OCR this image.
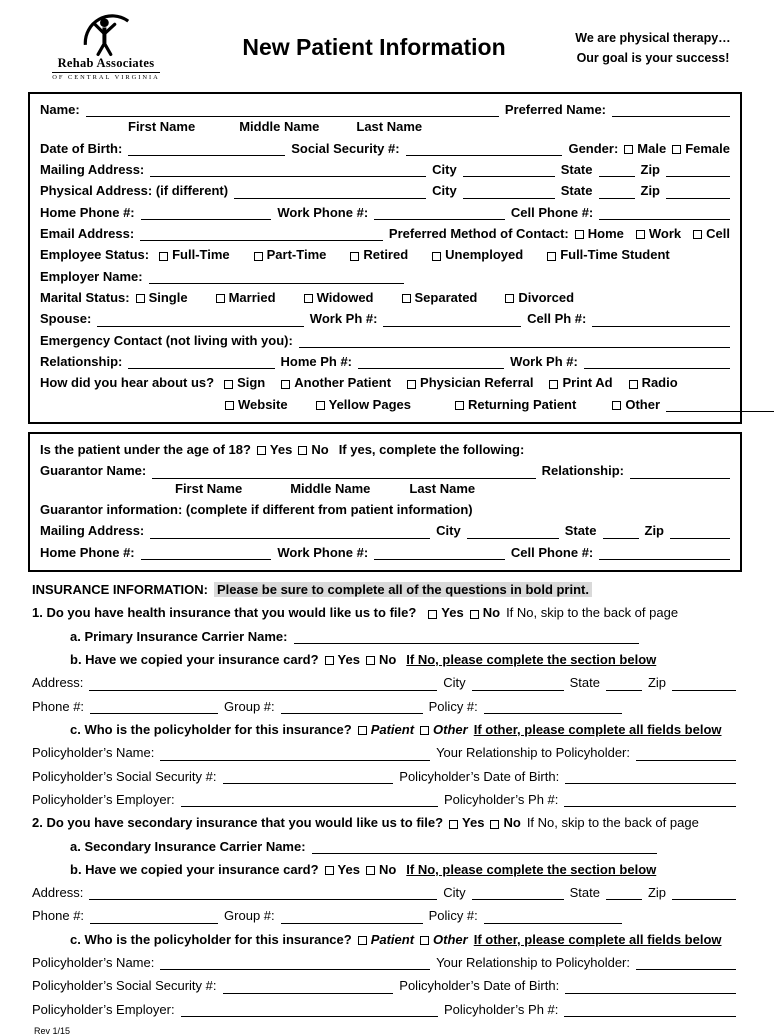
Rehab Associates
OF CENTRAL VIRGINIA
New Patient Information	We are physical therapy…
Our goal is your success!
Name:	Preferred Name:
First Name	Middle Name	Last Name
Date of Birth:	Social Security #:	Gender: Male Female
Mailing Address:	City	State	Zip
Physical Address: (if different)	City	State	Zip
Home Phone #:	Work Phone #:	Cell Phone #:
Email Address:	Preferred Method of Contact: Home Work Cell
Employee Status: Full-Time	Part-Time	Retired	Unemployed	Full-Time Student
Employer Name:
Marital Status: Single	Married	Widowed	Separated	Divorced
Spouse:	Work Ph #:	Cell Ph #:
Emergency Contact (not living with you):
Relationship:	Home Ph #:	Work Ph #:
How did you hear about us? Sign Another Patient Physician Referral Print Ad Radio
Website	Yellow Pages	Returning Patient	Other
Is the patient under the age of 18? Yes No If yes, complete the following:
Guarantor Name:	Relationship:
First Name	Middle Name	Last Name
Guarantor information: (complete if different from patient information)
Mailing Address:	City	State	Zip
Home Phone #:	Work Phone #:	Cell Phone #:
INSURANCE INFORMATION: Please be sure to complete all of the questions in bold print.
1. Do you have health insurance that you would like us to file? Yes No If No, skip to the back of page
a. Primary Insurance Carrier Name:
b. Have we copied your insurance card? Yes No If No, please complete the section below
Address:	City	State	Zip
Phone #:	Group #:	Policy #:
c. Who is the policyholder for this insurance? Patient Other If other, please complete all fields below
Policyholder’s Name:	Your Relationship to Policyholder:
Policyholder’s Social Security #:	Policyholder’s Date of Birth:
Policyholder’s Employer:	Policyholder’s Ph #:
2. Do you have secondary insurance that you would like us to file? Yes No If No, skip to the back of page
a. Secondary Insurance Carrier Name:
b. Have we copied your insurance card? Yes No If No, please complete the section below
Address:	City	State	Zip
Phone #:	Group #:	Policy #:
c. Who is the policyholder for this insurance? Patient Other If other, please complete all fields below
Policyholder’s Name:	Your Relationship to Policyholder:
Policyholder’s Social Security #:	Policyholder’s Date of Birth:
Policyholder’s Employer:	Policyholder’s Ph #:
Rev 1/15
